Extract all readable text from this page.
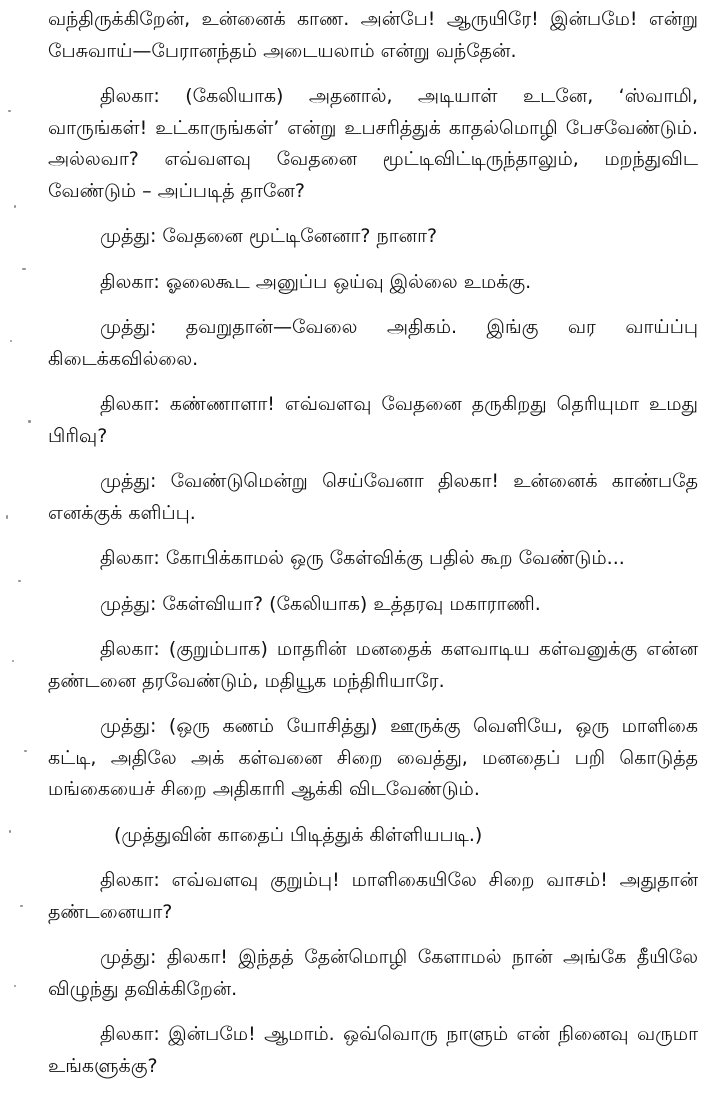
வந்திருக்கிறேன், உன்னைக் காண. அன்பே! ஆருயிரே! இன்பமே! என்று பேசுவாய்—பேரானந்தம் அடையலாம் என்று வந்தேன்.

திலகா: (கேலியாக) அதனால், அடியாள் உடனே, ‘ஸ்வாமி, வாருங்கள்! உட்காருங்கள்’ என்று உபசரித்துக் காதல்மொழி பேசவேண்டும். அல்லவா? எவ்வளவு வேதனை மூட்டிவிட்டிருந்தாலும், மறந்துவிட வேண்டும் – அப்படித் தானே?

முத்து: வேதனை மூட்டினேனா? நானா?

திலகா: ஓலைகூட அனுப்ப ஒய்வு இல்லை உமக்கு.

முத்து: தவறுதான்—வேலை அதிகம். இங்கு வர வாய்ப்பு கிடைக்கவில்லை.

திலகா: கண்ணாளா! எவ்வளவு வேதனை தருகிறது தெரியுமா உமது பிரிவு?

முத்து: வேண்டுமென்று செய்வேனா திலகா! உன்னைக் காண்பதே எனக்குக் களிப்பு.

திலகா: கோபிக்காமல் ஒரு கேள்விக்கு பதில் கூற வேண்டும்...

முத்து: கேள்வியா? (கேலியாக) உத்தரவு மகாராணி.

திலகா: (குறும்பாக) மாதரின் மனதைக் களவாடிய கள்வனுக்கு என்ன தண்டனை தரவேண்டும், மதியூக மந்திரியாரே.

முத்து: (ஒரு கணம் யோசித்து) ஊருக்கு வெளியே, ஒரு மாளிகை கட்டி, அதிலே அக் கள்வனை சிறை வைத்து, மனதைப் பறி கொடுத்த மங்கையைச் சிறை அதிகாரி ஆக்கி விடவேண்டும்.

(முத்துவின் காதைப் பிடித்துக் கிள்ளியபடி.)

திலகா: எவ்வளவு குறும்பு! மாளிகையிலே சிறை வாசம்! அதுதான் தண்டனையா?

முத்து: திலகா! இந்தத் தேன்மொழி கேளாமல் நான் அங்கே தீயிலே விழுந்து தவிக்கிறேன்.

திலகா: இன்பமே! ஆமாம். ஒவ்வொரு நாளும் என் நினைவு வருமா உங்களுக்கு?
